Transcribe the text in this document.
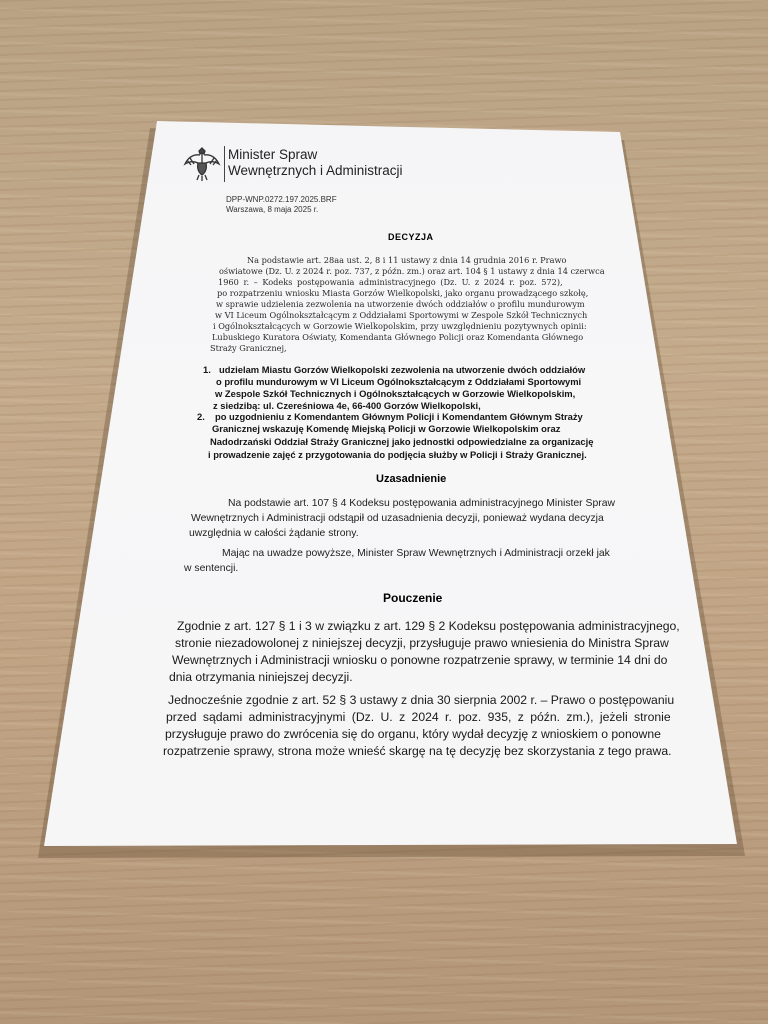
Minister Spraw
Wewnętrznych i Administracji
DPP-WNP.0272.197.2025.BRF
Warszawa, 8 maja 2025 r.
DECYZJA
Na podstawie art. 28aa ust. 2, 8 i 11 ustawy z dnia 14 grudnia 2016 r. Prawo
oświatowe (Dz. U. z 2024 r. poz. 737, z późn. zm.) oraz art. 104 § 1 ustawy z dnia 14 czerwca
1960 r. – Kodeks postępowania administracyjnego (Dz. U. z 2024 r. poz. 572),
po rozpatrzeniu wniosku Miasta Gorzów Wielkopolski, jako organu prowadzącego szkołę,
w sprawie udzielenia zezwolenia na utworzenie dwóch oddziałów o profilu mundurowym
w VI Liceum Ogólnokształcącym z Oddziałami Sportowymi w Zespole Szkół Technicznych
i Ogólnokształcących w Gorzowie Wielkopolskim, przy uwzględnieniu pozytywnych opinii:
Lubuskiego Kuratora Oświaty, Komendanta Głównego Policji oraz Komendanta Głównego
Straży Granicznej,
1. udzielam Miastu Gorzów Wielkopolski zezwolenia na utworzenie dwóch oddziałów
o profilu mundurowym w VI Liceum Ogólnokształcącym z Oddziałami Sportowymi
w Zespole Szkół Technicznych i Ogólnokształcących w Gorzowie Wielkopolskim,
z siedzibą: ul. Czereśniowa 4e, 66-400 Gorzów Wielkopolski,
2. po uzgodnieniu z Komendantem Głównym Policji i Komendantem Głównym Straży
Granicznej wskazuję Komendę Miejską Policji w Gorzowie Wielkopolskim oraz
Nadodrzański Oddział Straży Granicznej jako jednostki odpowiedzialne za organizację
i prowadzenie zajęć z przygotowania do podjęcia służby w Policji i Straży Granicznej.
Uzasadnienie
Na podstawie art. 107 § 4 Kodeksu postępowania administracyjnego Minister Spraw
Wewnętrznych i Administracji odstąpił od uzasadnienia decyzji, ponieważ wydana decyzja
uwzględnia w całości żądanie strony.
Mając na uwadze powyższe, Minister Spraw Wewnętrznych i Administracji orzekł jak
w sentencji.
Pouczenie
Zgodnie z art. 127 § 1 i 3 w związku z art. 129 § 2 Kodeksu postępowania administracyjnego,
stronie niezadowolonej z niniejszej decyzji, przysługuje prawo wniesienia do Ministra Spraw
Wewnętrznych i Administracji wniosku o ponowne rozpatrzenie sprawy, w terminie 14 dni do
dnia otrzymania niniejszej decyzji.
Jednocześnie zgodnie z art. 52 § 3 ustawy z dnia 30 sierpnia 2002 r. – Prawo o postępowaniu
przed sądami administracyjnymi (Dz. U. z 2024 r. poz. 935, z późn. zm.), jeżeli stronie
przysługuje prawo do zwrócenia się do organu, który wydał decyzję z wnioskiem o ponowne
rozpatrzenie sprawy, strona może wnieść skargę na tę decyzję bez skorzystania z tego prawa.
